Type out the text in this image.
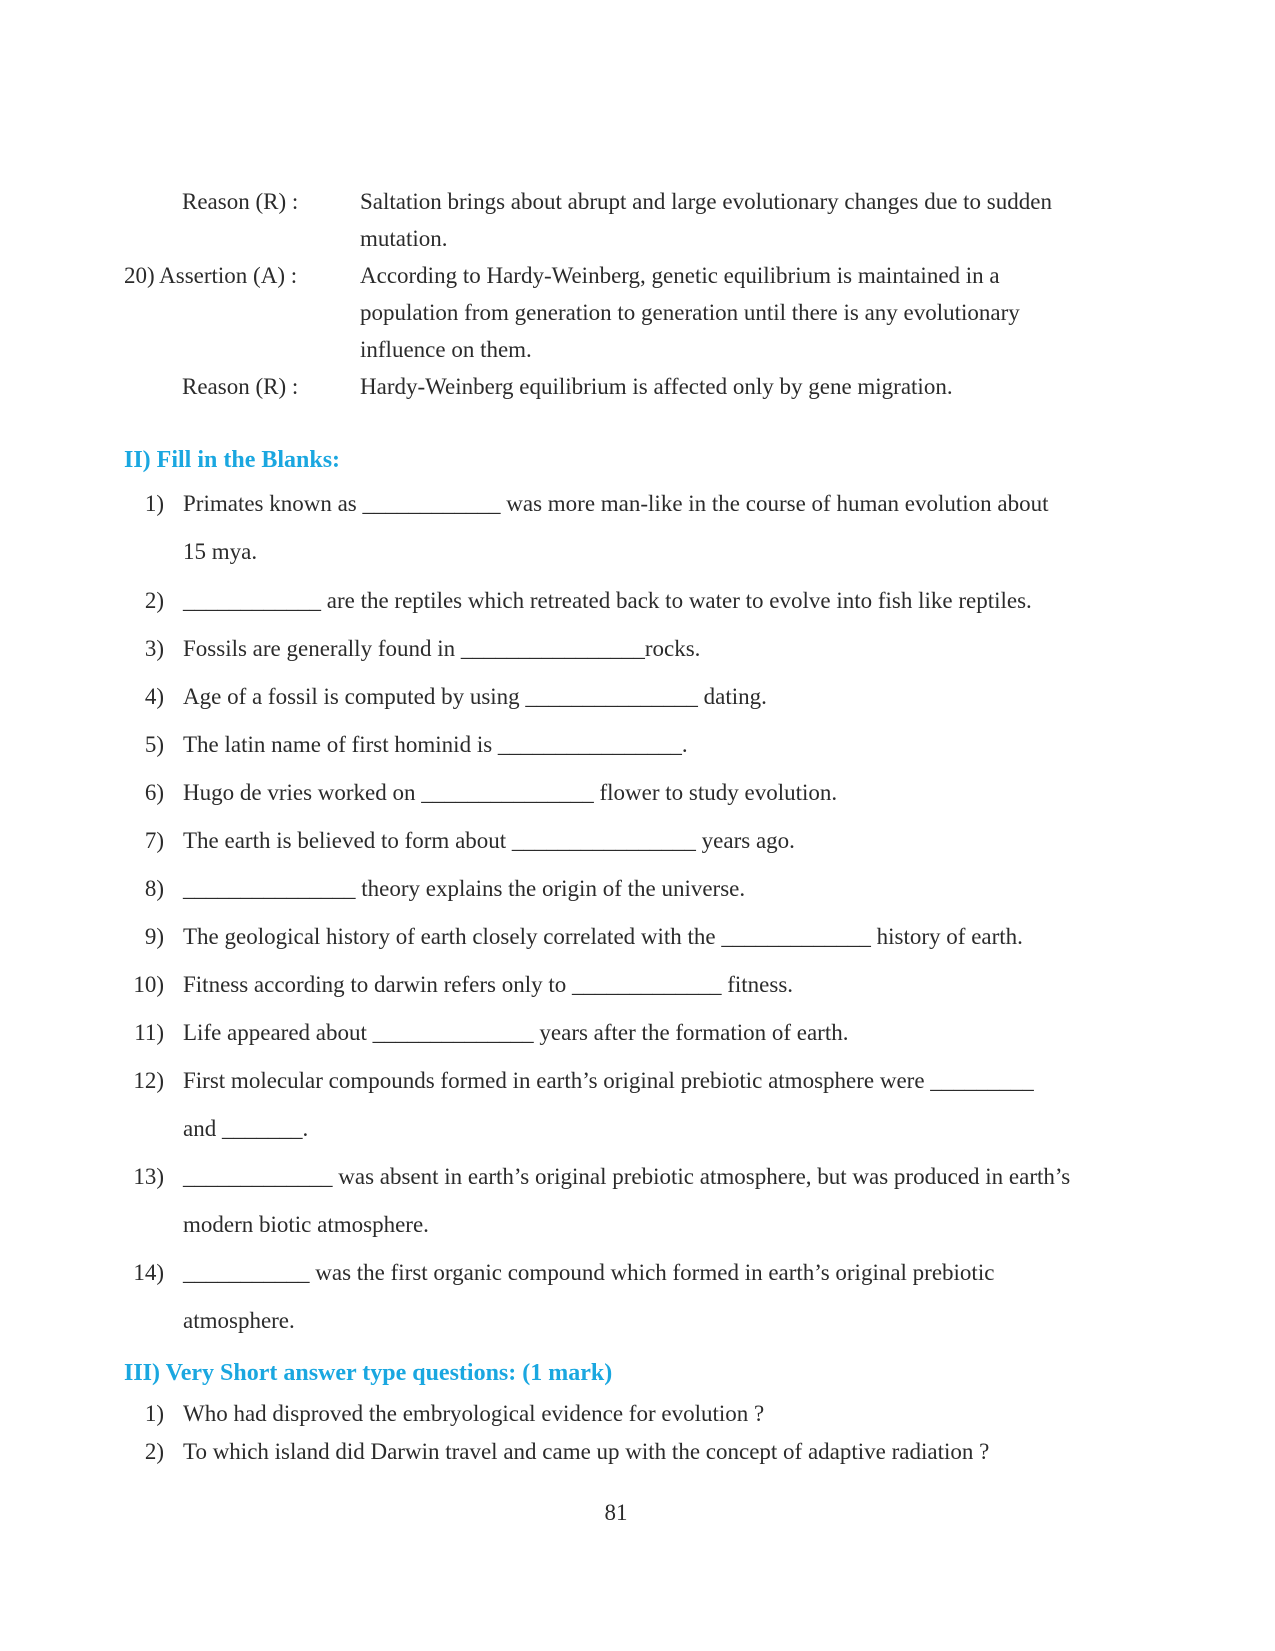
Reason (R) :	Saltation brings about abrupt and large evolutionary changes due to sudden
mutation.
20) Assertion (A) :	According to Hardy-Weinberg, genetic equilibrium is maintained in a
population from generation to generation until there is any evolutionary
influence on them.
Reason (R) :	Hardy-Weinberg equilibrium is affected only by gene migration.
II) Fill in the Blanks:
1) Primates known as ____________ was more man-like in the course of human evolution about
15 mya.
2) ____________ are the reptiles which retreated back to water to evolve into fish like reptiles.
3) Fossils are generally found in ________________rocks.
4) Age of a fossil is computed by using _______________ dating.
5) The latin name of first hominid is ________________.
6) Hugo de vries worked on _______________ flower to study evolution.
7) The earth is believed to form about ________________ years ago.
8) _______________ theory explains the origin of the universe.
9) The geological history of earth closely correlated with the _____________ history of earth.
10) Fitness according to darwin refers only to _____________ fitness.
11) Life appeared about ______________ years after the formation of earth.
12) First molecular compounds formed in earth’s original prebiotic atmosphere were _________
and _______.
13) _____________ was absent in earth’s original prebiotic atmosphere, but was produced in earth’s
modern biotic atmosphere.
14) ___________ was the first organic compound which formed in earth’s original prebiotic
atmosphere.
III) Very Short answer type questions: (1 mark)
1) Who had disproved the embryological evidence for evolution ?
2) To which island did Darwin travel and came up with the concept of adaptive radiation ?
81
